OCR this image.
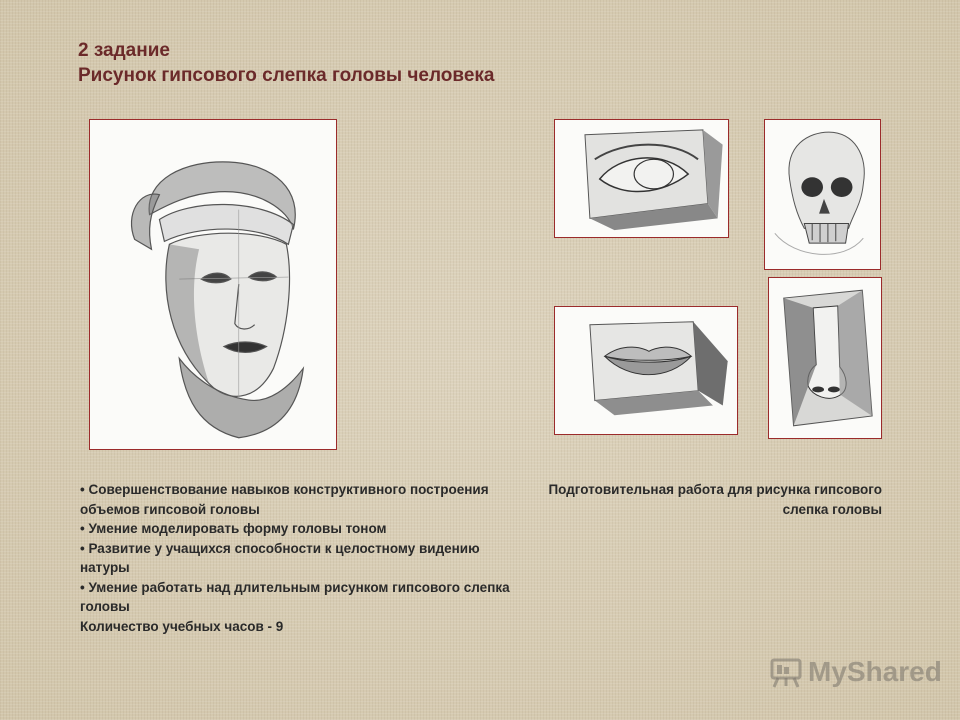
2 задание
Рисунок гипсового слепка головы человека
• Совершенствование навыков конструктивного построения объемов гипсовой головы
• Умение моделировать форму головы тоном
• Развитие у учащихся способности к целостному видению натуры
• Умение работать над длительным рисунком гипсового слепка головы
Количество учебных часов - 9
Подготовительная работа для рисунка гипсового слепка головы
MyShared
